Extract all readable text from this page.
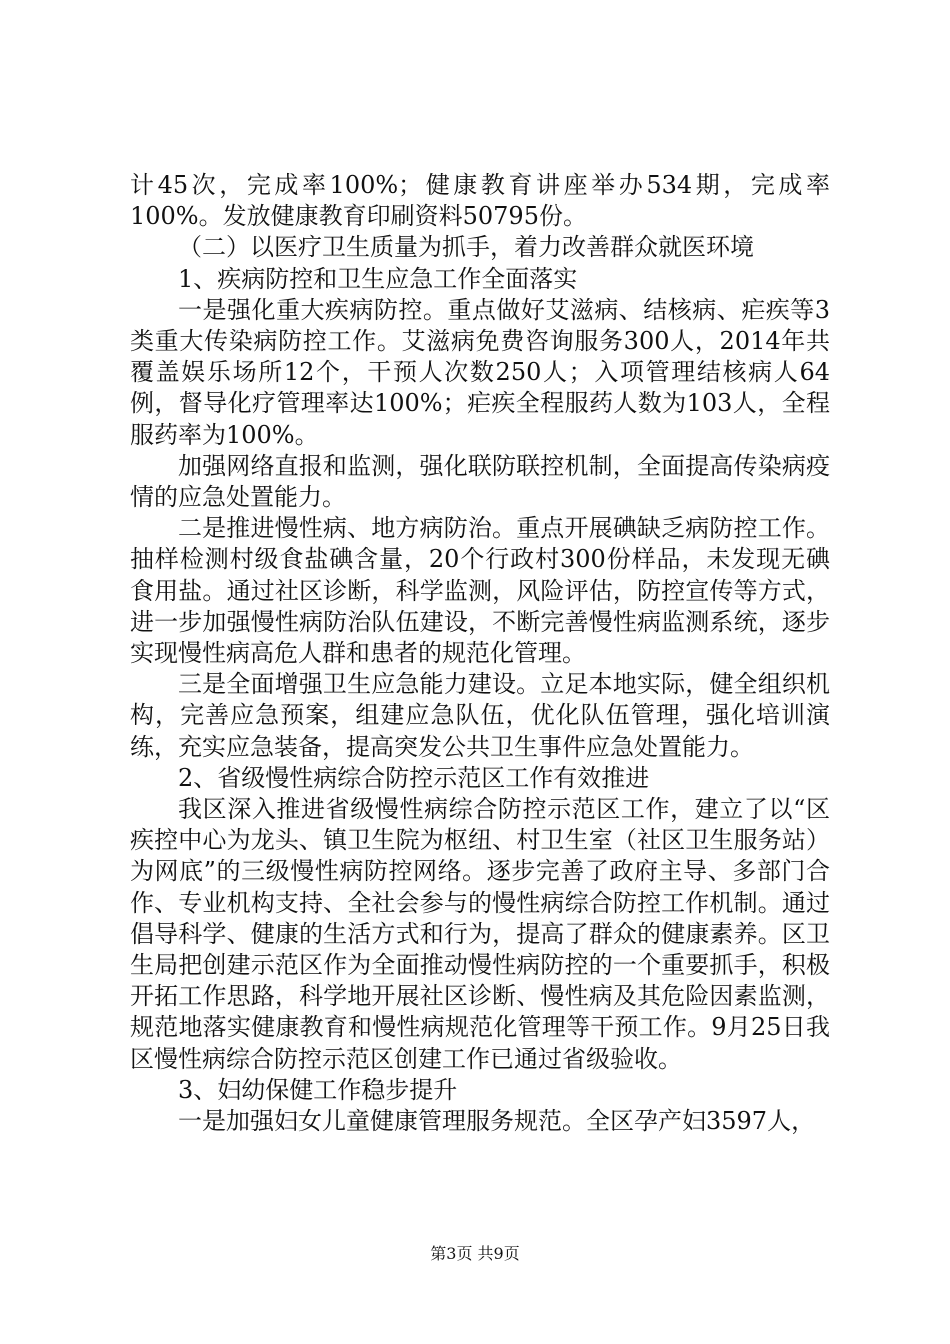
计45次，完成率100%；健康教育讲座举办534期，完成率100%。发放健康教育印刷资料50795份。

（二）以医疗卫生质量为抓手，着力改善群众就医环境

1、疾病防控和卫生应急工作全面落实

一是强化重大疾病防控。重点做好艾滋病、结核病、疟疾等3类重大传染病防控工作。艾滋病免费咨询服务300人，2014年共覆盖娱乐场所12个，干预人次数250人；入项管理结核病人64例，督导化疗管理率达100%；疟疾全程服药人数为103人，全程服药率为100%。

加强网络直报和监测，强化联防联控机制，全面提高传染病疫情的应急处置能力。

二是推进慢性病、地方病防治。重点开展碘缺乏病防控工作。抽样检测村级食盐碘含量，20个行政村300份样品，未发现无碘食用盐。通过社区诊断，科学监测，风险评估，防控宣传等方式，进一步加强慢性病防治队伍建设，不断完善慢性病监测系统，逐步实现慢性病高危人群和患者的规范化管理。

三是全面增强卫生应急能力建设。立足本地实际，健全组织机构，完善应急预案，组建应急队伍，优化队伍管理，强化培训演练，充实应急装备，提高突发公共卫生事件应急处置能力。

2、省级慢性病综合防控示范区工作有效推进

我区深入推进省级慢性病综合防控示范区工作，建立了以“区疾控中心为龙头、镇卫生院为枢纽、村卫生室（社区卫生服务站）为网底”的三级慢性病防控网络。逐步完善了政府主导、多部门合作、专业机构支持、全社会参与的慢性病综合防控工作机制。通过倡导科学、健康的生活方式和行为，提高了群众的健康素养。区卫生局把创建示范区作为全面推动慢性病防控的一个重要抓手，积极开拓工作思路，科学地开展社区诊断、慢性病及其危险因素监测，规范地落实健康教育和慢性病规范化管理等干预工作。9月25日我区慢性病综合防控示范区创建工作已通过省级验收。

3、妇幼保健工作稳步提升

一是加强妇女儿童健康管理服务规范。全区孕产妇3597人，

第3页 共9页
